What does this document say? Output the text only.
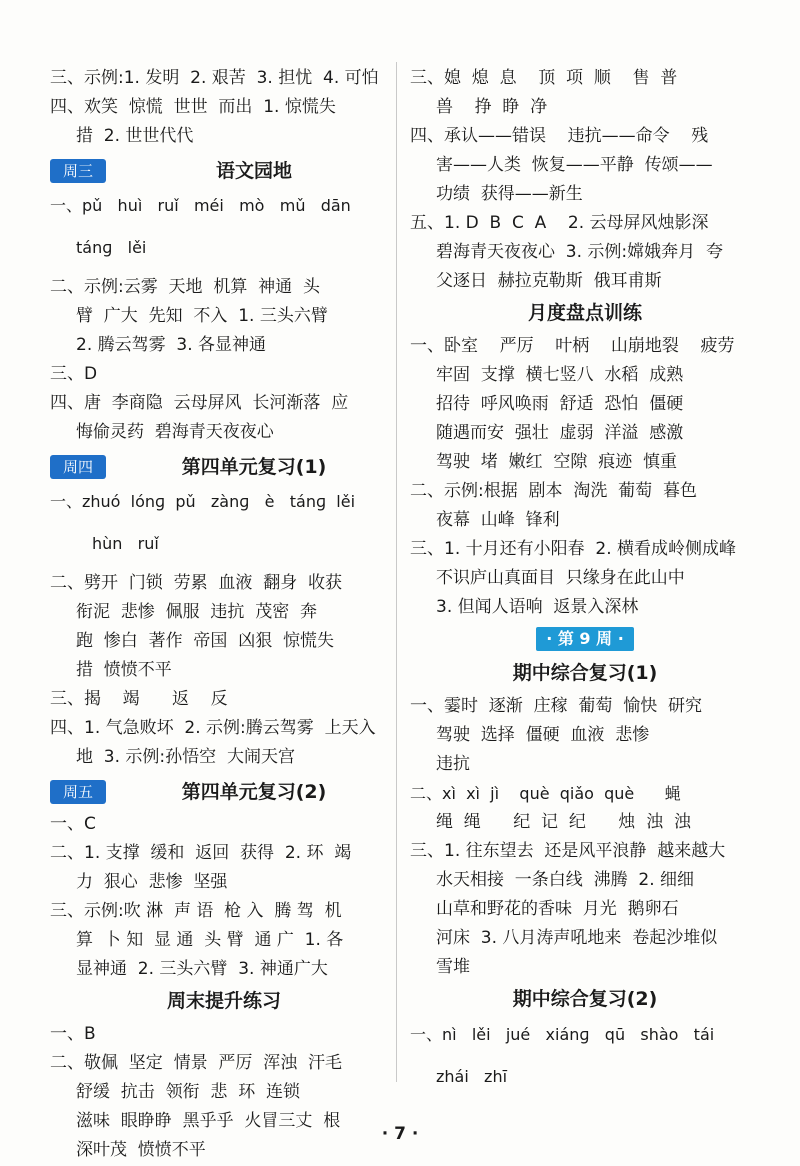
三、示例:1. 发明  2. 艰苦  3. 担忧  4. 可怕
四、欢笑  惊慌  世世  而出  1. 惊慌失
措  2. 世世代代
周三	语文园地
一、pǔ   huì   ruǐ   méi   mò   mǔ   dān
tánɡ   lěi
二、示例:云雾  天地  机算  神通  头
臂  广大  先知  不入  1. 三头六臂
2. 腾云驾雾  3. 各显神通
三、D
四、唐  李商隐  云母屏风  长河渐落  应
悔偷灵药  碧海青天夜夜心
周四	第四单元复习(1)
一、zhuó  lónɡ  pǔ   zànɡ   è   tánɡ  lěi
hùn   ruǐ
二、劈开  门锁  劳累  血液  翻身  收获
衔泥  悲惨  佩服  违抗  茂密  奔
跑  惨白  著作  帝国  凶狠  惊慌失
措  愤愤不平
三、揭    竭      返    反
四、1. 气急败坏  2. 示例:腾云驾雾  上天入
地  3. 示例:孙悟空  大闹天宫
周五	第四单元复习(2)
一、C
二、1. 支撑  缓和  返回  获得  2. 环  竭
力  狠心  悲惨  坚强
三、示例:吹 淋  声 语  枪 入  腾 驾  机
算  卜 知  显 通  头 臂  通 广  1. 各
显神通  2. 三头六臂  3. 神通广大
周末提升练习
一、B
二、敬佩  坚定  情景  严厉  浑浊  汗毛
舒缓  抗击  领衔  悲  环  连锁
滋味  眼睁睁  黑乎乎  火冒三丈  根
深叶茂  愤愤不平
三、媳  熄  息    顶  项  顺    售  普
兽    挣  睁  净
四、承认——错误    违抗——命令    残
害——人类  恢复——平静  传颂——
功绩  获得——新生
五、1. D  B  C  A    2. 云母屏风烛影深
碧海青天夜夜心  3. 示例:嫦娥奔月  夸
父逐日  赫拉克勒斯  俄耳甫斯
月度盘点训练
一、卧室    严厉    叶柄    山崩地裂    疲劳
牢固  支撑  横七竖八  水稻  成熟
招待  呼风唤雨  舒适  恐怕  僵硬
随遇而安  强壮  虚弱  洋溢  感激
驾驶  堵  嫩红  空隙  痕迹  慎重
二、示例:根据  剧本  淘洗  葡萄  暮色
夜幕  山峰  锋利
三、1. 十月还有小阳春  2. 横看成岭侧成峰
不识庐山真面目  只缘身在此山中
3. 但闻人语响  返景入深林
· 第 9 周 ·
期中综合复习(1)
一、霎时  逐渐  庄稼  葡萄  愉快  研究
驾驶  选择  僵硬  血液  悲惨
违抗
二、xì  xì  jì    què  qiǎo  què      蝇
绳  绳      纪  记  纪      烛  浊  浊
三、1. 往东望去  还是风平浪静  越来越大
水天相接  一条白线  沸腾  2. 细细
山草和野花的香味  月光  鹅卵石
河床  3. 八月涛声吼地来  卷起沙堆似
雪堆
期中综合复习(2)
一、nì   lěi   jué   xiánɡ   qū   shào   tái
zhái   zhī
· 7 ·
